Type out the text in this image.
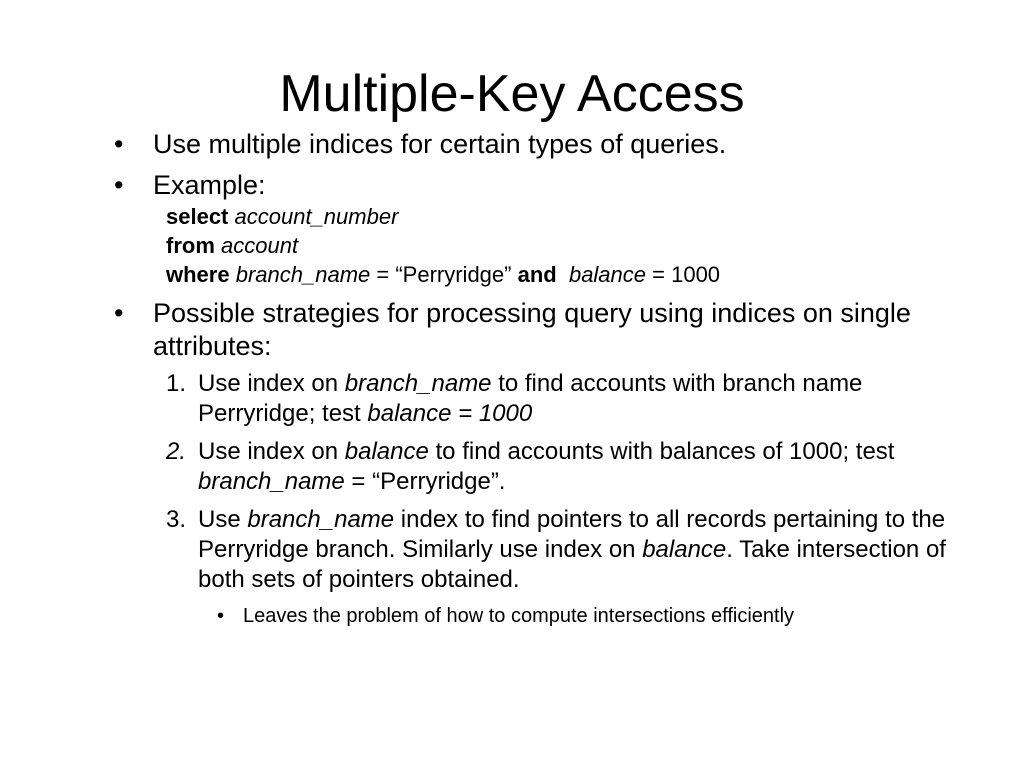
Multiple-Key Access
• Use multiple indices for certain types of queries.
• Example:
select account_number
from account
where branch_name = “Perryridge” and balance = 1000
• Possible strategies for processing query using indices on single attributes:
1. Use index on branch_name to find accounts with branch name Perryridge; test balance = 1000
2. Use index on balance to find accounts with balances of 1000; test branch_name = “Perryridge”.
3. Use branch_name index to find pointers to all records pertaining to the Perryridge branch. Similarly use index on balance. Take intersection of both sets of pointers obtained.
• Leaves the problem of how to compute intersections efficiently
